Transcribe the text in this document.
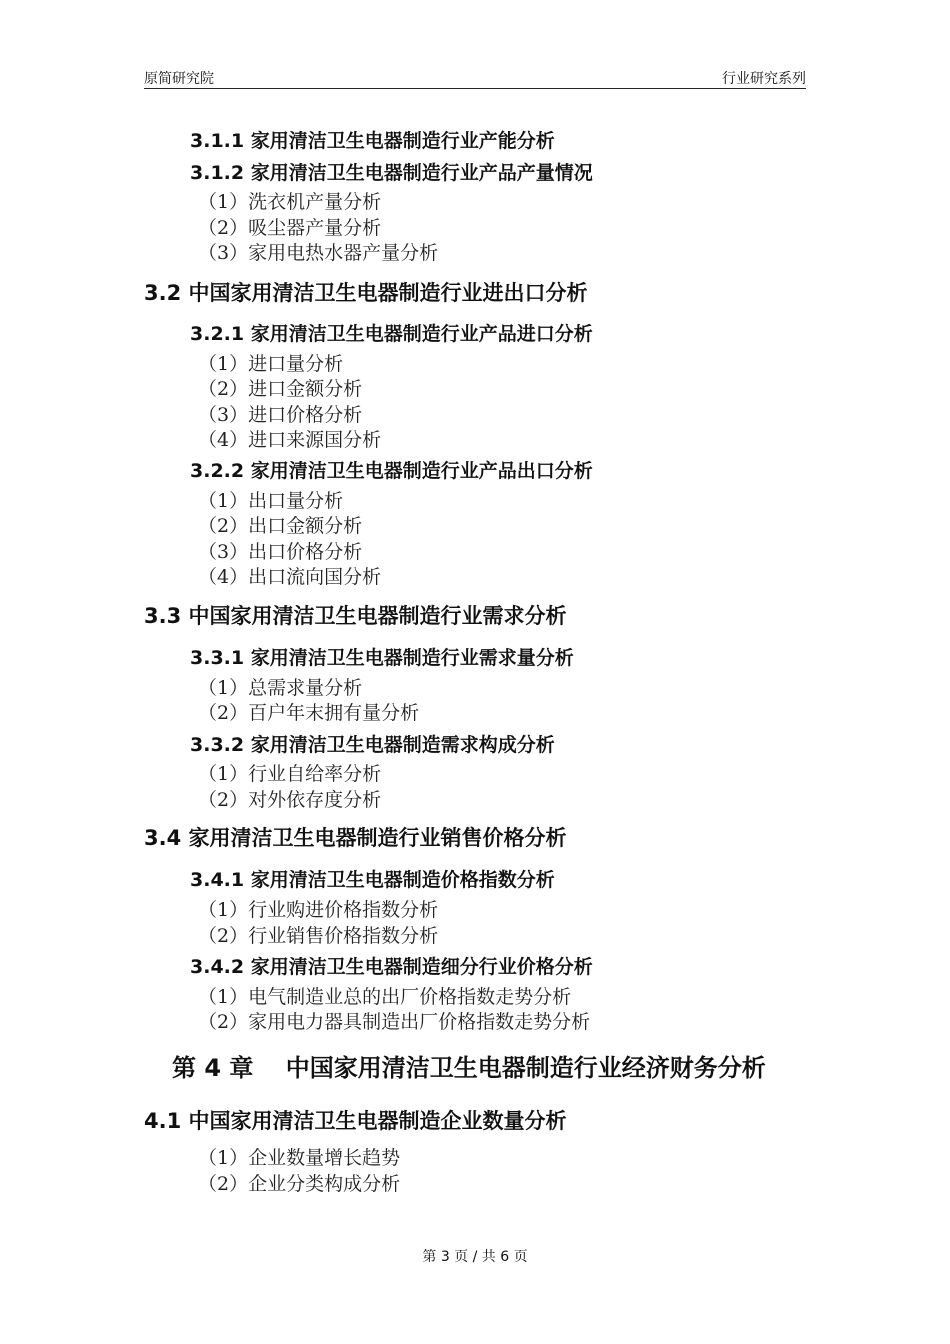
原简研究院	行业研究系列
3.1.1 家用清洁卫生电器制造行业产能分析
3.1.2 家用清洁卫生电器制造行业产品产量情况
（1）洗衣机产量分析
（2）吸尘器产量分析
（3）家用电热水器产量分析
3.2 中国家用清洁卫生电器制造行业进出口分析
3.2.1 家用清洁卫生电器制造行业产品进口分析
（1）进口量分析
（2）进口金额分析
（3）进口价格分析
（4）进口来源国分析
3.2.2 家用清洁卫生电器制造行业产品出口分析
（1）出口量分析
（2）出口金额分析
（3）出口价格分析
（4）出口流向国分析
3.3 中国家用清洁卫生电器制造行业需求分析
3.3.1 家用清洁卫生电器制造行业需求量分析
（1）总需求量分析
（2）百户年末拥有量分析
3.3.2 家用清洁卫生电器制造需求构成分析
（1）行业自给率分析
（2）对外依存度分析
3.4 家用清洁卫生电器制造行业销售价格分析
3.4.1 家用清洁卫生电器制造价格指数分析
（1）行业购进价格指数分析
（2）行业销售价格指数分析
3.4.2 家用清洁卫生电器制造细分行业价格分析
（1）电气制造业总的出厂价格指数走势分析
（2）家用电力器具制造出厂价格指数走势分析
第 4 章　 中国家用清洁卫生电器制造行业经济财务分析
4.1 中国家用清洁卫生电器制造企业数量分析
（1）企业数量增长趋势
（2）企业分类构成分析
第 3 页 / 共 6 页
